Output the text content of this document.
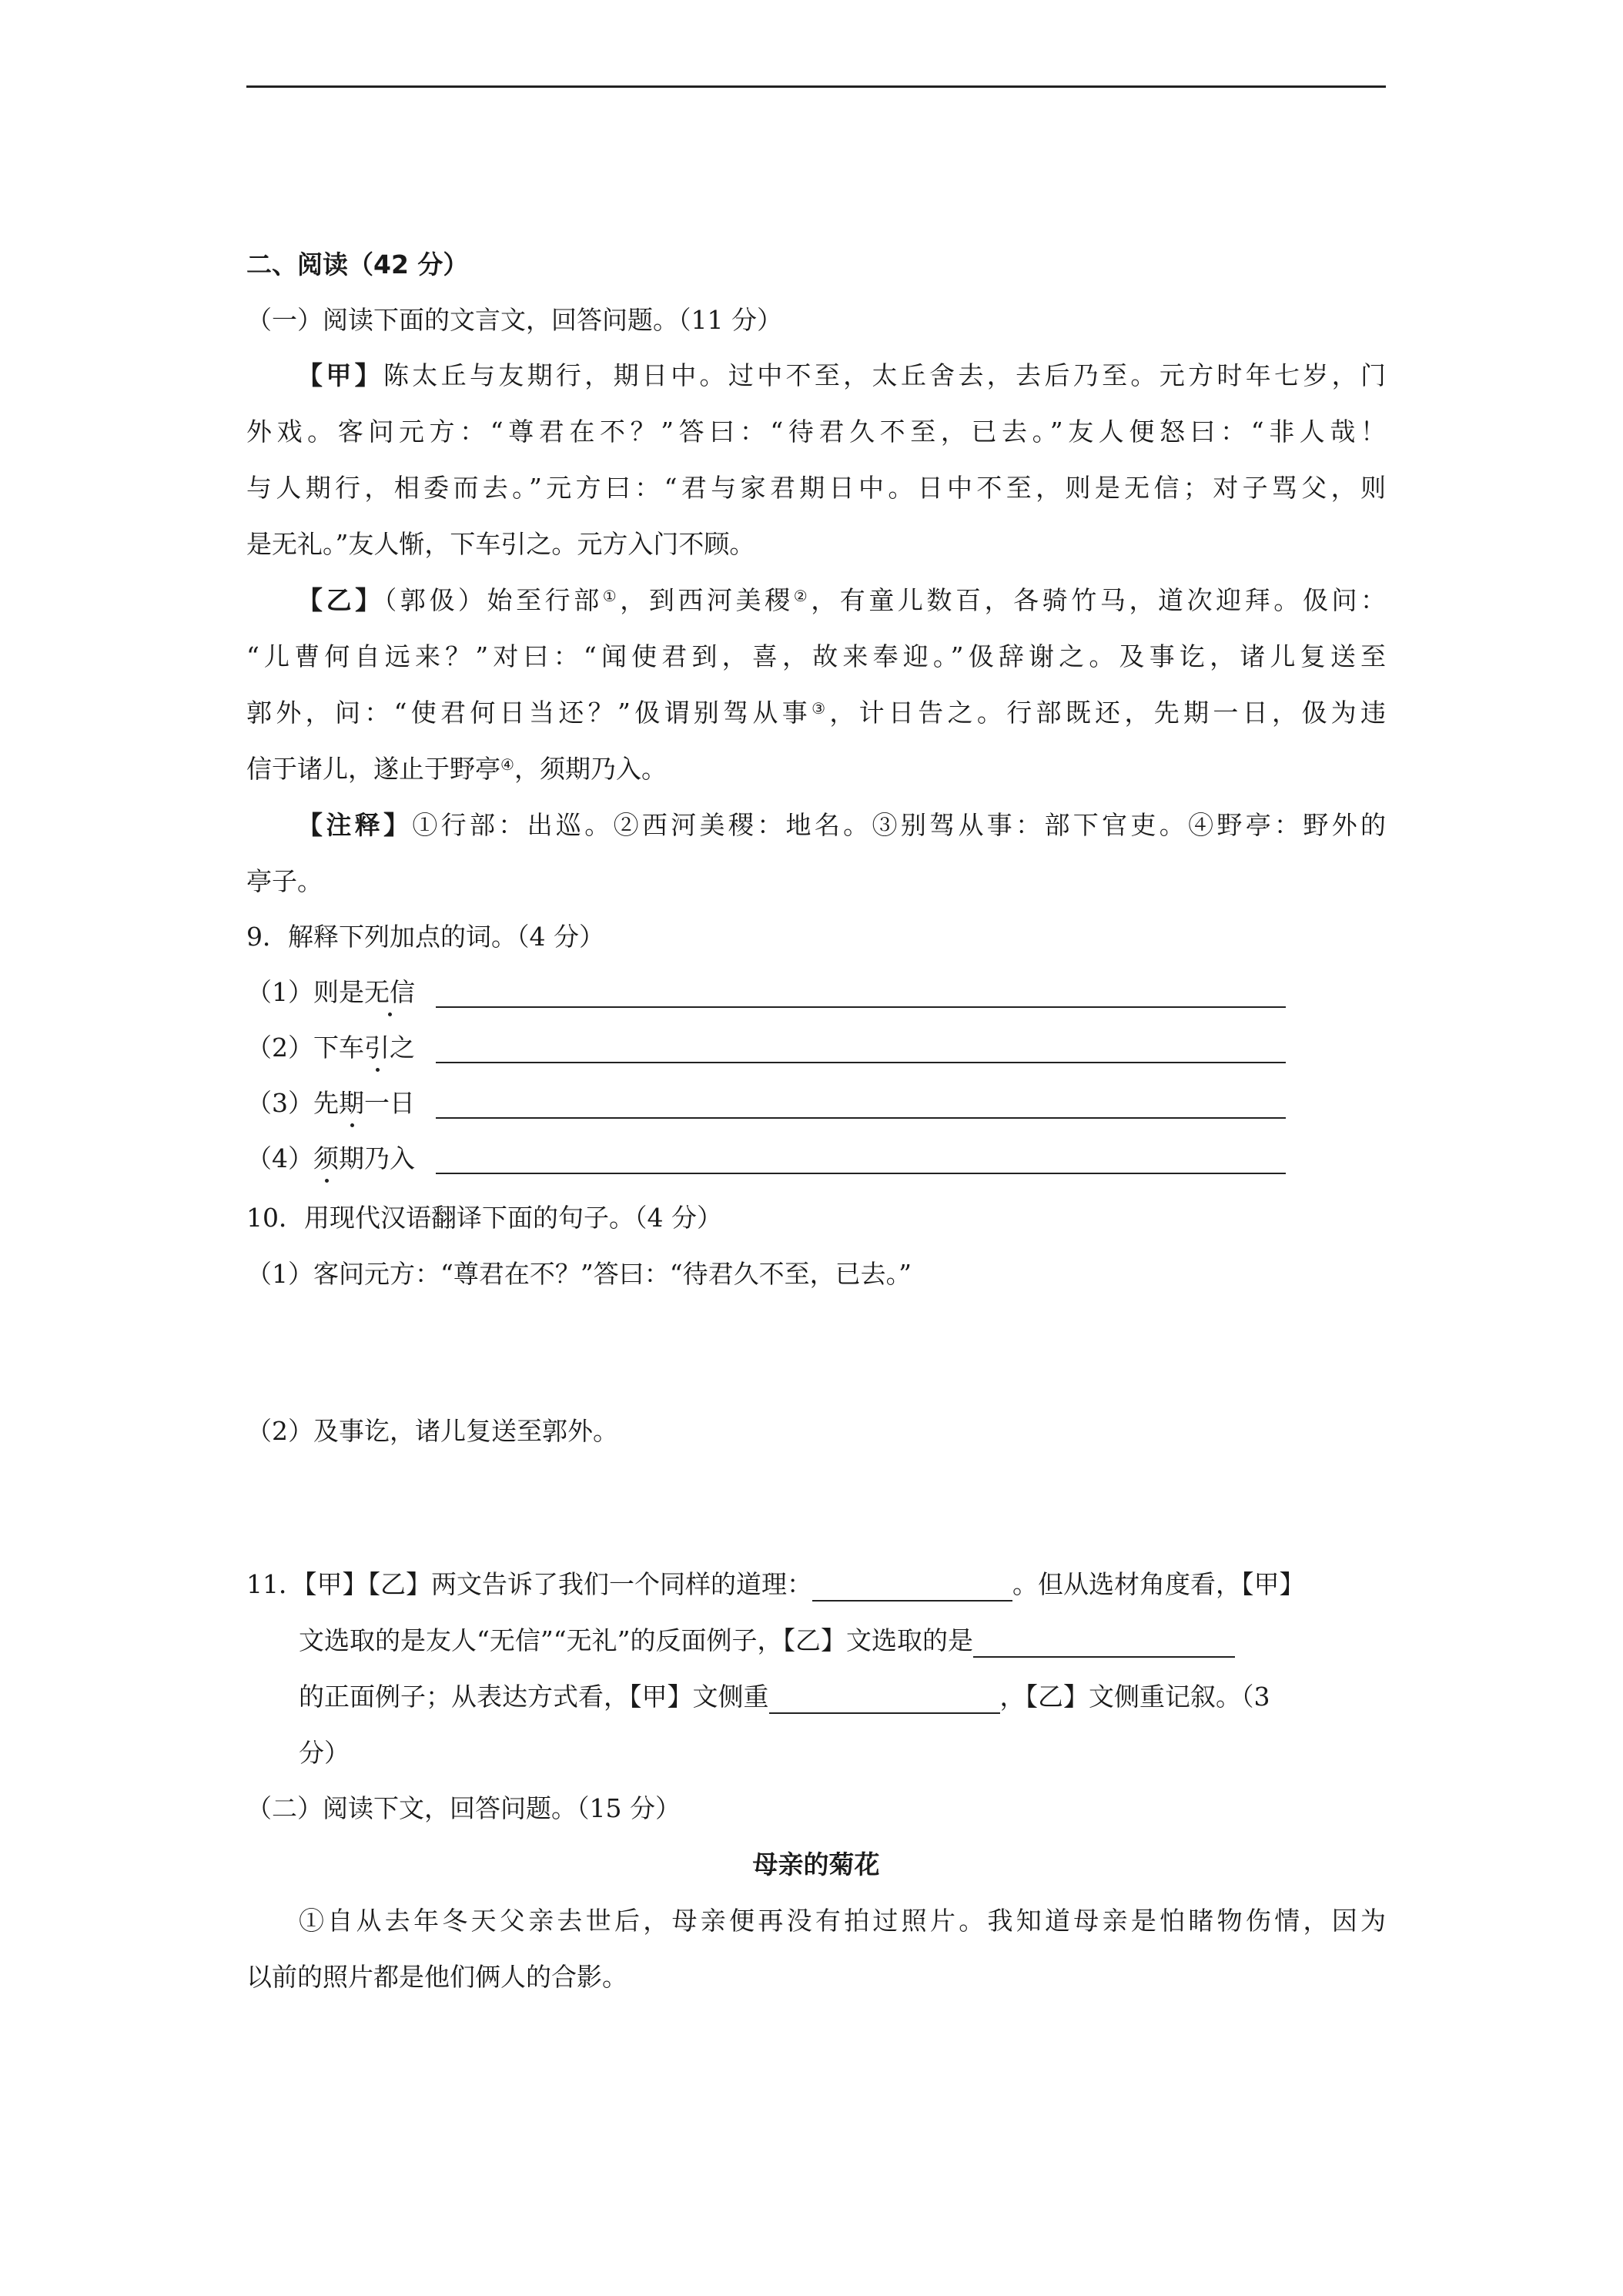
二、阅读（42 分）
（一）阅读下面的文言文，回答问题。（11 分）
【甲】陈太丘与友期行，期日中。过中不至，太丘舍去，去后乃至。元方时年七岁，门
外戏。客问元方：“尊君在不？”答曰：“待君久不至，已去。”友人便怒曰：“非人哉！
与人期行，相委而去。”元方曰：“君与家君期日中。日中不至，则是无信；对子骂父，则
是无礼。”友人惭，下车引之。元方入门不顾。
【乙】（郭伋）始至行部①，到西河美稷②，有童儿数百，各骑竹马，道次迎拜。伋问：
“儿曹何自远来？”对曰：“闻使君到，喜，故来奉迎。”伋辞谢之。及事讫，诸儿复送至
郭外，问：“使君何日当还？”伋谓别驾从事③，计日告之。行部既还，先期一日，伋为违
信于诸儿，遂止于野亭④，须期乃入。
【注释】①行部：出巡。②西河美稷：地名。③别驾从事：部下官吏。④野亭：野外的
亭子。
9．解释下列加点的词。（4 分）
（1）则是无信
（2）下车引之
（3）先期一日
（4）须期乃入
10．用现代汉语翻译下面的句子。（4 分）
（1）客问元方：“尊君在不？”答曰：“待君久不至，已去。”
（2）及事讫，诸儿复送至郭外。
11．【甲】【乙】两文告诉了我们一个同样的道理：	。但从选材角度看，【甲】
文选取的是友人“无信”“无礼”的反面例子，【乙】文选取的是
的正面例子；从表达方式看，【甲】文侧重	，【乙】文侧重记叙。（3
分）
（二）阅读下文，回答问题。（15 分）
母亲的菊花
①自从去年冬天父亲去世后，母亲便再没有拍过照片。我知道母亲是怕睹物伤情，因为
以前的照片都是他们俩人的合影。
